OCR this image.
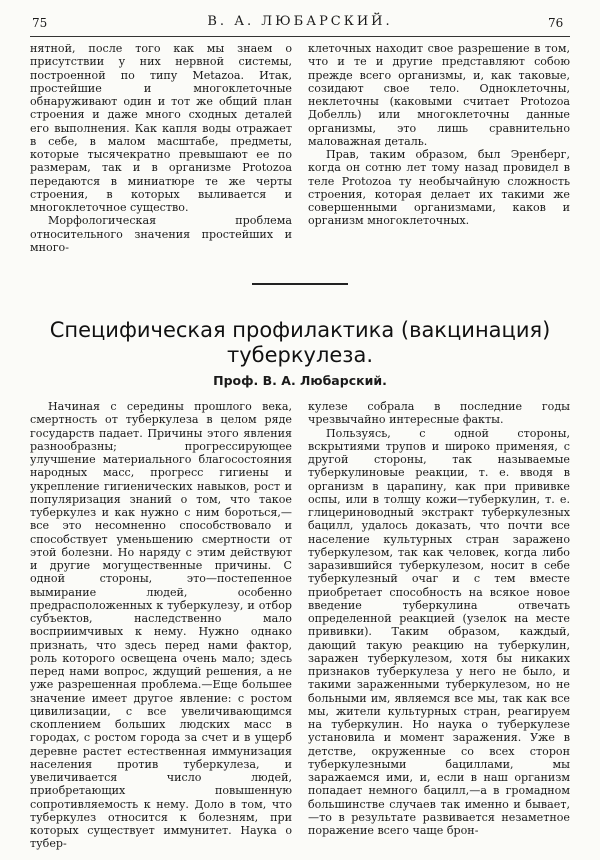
75	В. А. ЛЮБАРСКИЙ.	76

нятной, после того как мы знаем о присутствии у них нервной системы, построенной по типу Metazoa. Итак, простейшие и многоклеточные обнаруживают один и тот же общий план строения и даже много сходных деталей его выполнения. Как капля воды отражает в себе, в малом масштабе, предметы, которые тысячекратно превышают ее по размерам, так и в организме Protozoa передаются в миниатюре те же черты строения, в которых выливается и многоклеточное существо.

Морфологическая проблема относительного значения простейших и много-

клеточных находит свое разрешение в том, что и те и другие представляют собою прежде всего организмы, и, как таковые, созидают свое тело. Одноклеточны, неклеточны (каковыми считает Protozoa Добелль) или многоклеточны данные организмы, это лишь сравнительно маловажная деталь.

Прав, таким образом, был Эренберг, когда он сотню лет тому назад провидел в теле Protozoa ту необычайную сложность строения, которая делает их такими же совершенными организмами, каков и организм многоклеточных.

Специфическая профилактика (вакцинация) туберкулеза.
Проф. В. А. Любарский.

Начиная с середины прошлого века, смертность от туберкулеза в целом ряде государств падает. Причины этого явления разнообразны; прогрессирующее улучшение материального благосостояния народных масс, прогресс гигиены и укрепление гигиенических навыков, рост и популяризация знаний о том, что такое туберкулез и как нужно с ним бороться,—все это несомненно способствовало и способствует уменьшению смертности от этой болезни. Но наряду с этим действуют и другие могущественные причины. С одной стороны, это—постепенное вымирание людей, особенно предрасположенных к туберкулезу, и отбор субъектов, наследственно мало восприимчивых к нему. Нужно однако признать, что здесь перед нами фактор, роль которого освещена очень мало; здесь перед нами вопрос, ждущий решения, а не уже разрешенная проблема.—Еще большее значение имеет другое явление: с ростом цивилизации, с все увеличивающимся скоплением больших людских масс в городах, с ростом города за счет и в ущерб деревне растет естественная иммунизация населения против туберкулеза, и увеличивается число людей, приобретающих повышенную сопротивляемость к нему. Доло в том, что туберкулез относится к болезням, при которых существует иммунитет. Наука о тубер-

кулезе собрала в последние годы чрезвычайно интересные факты.

Пользуясь, с одной стороны, вскрытиями трупов и широко применяя, с другой стороны, так называемые туберкулиновые реакции, т. е. вводя в организм в царапину, как при прививке оспы, или в толщу кожи—туберкулин, т. е. глицериноводный экстракт туберкулезных бацилл, удалось доказать, что почти все население культурных стран заражено туберкулезом, так как человек, когда либо заразившийся туберкулезом, носит в себе туберкулезный очаг и с тем вместе приобретает способность на всякое новое введение туберкулина отвечать определенной реакцией (узелок на месте прививки). Таким образом, каждый, дающий такую реакцию на туберкулин, заражен туберкулезом, хотя бы никаких признаков туберкулеза у него не было, и такими зараженными туберкулезом, но не больными им, являемся все мы, так как все мы, жители культурных стран, реагируем на туберкулин. Но наука о туберкулезе установила и момент заражения. Уже в детстве, окруженные со всех сторон туберкулезными бациллами, мы заражаемся ими, и, если в наш организм попадает немного бацилл,—а в громадном большинстве случаев так именно и бывает,—то в результате развивается незаметное поражение всего чаще брон-
